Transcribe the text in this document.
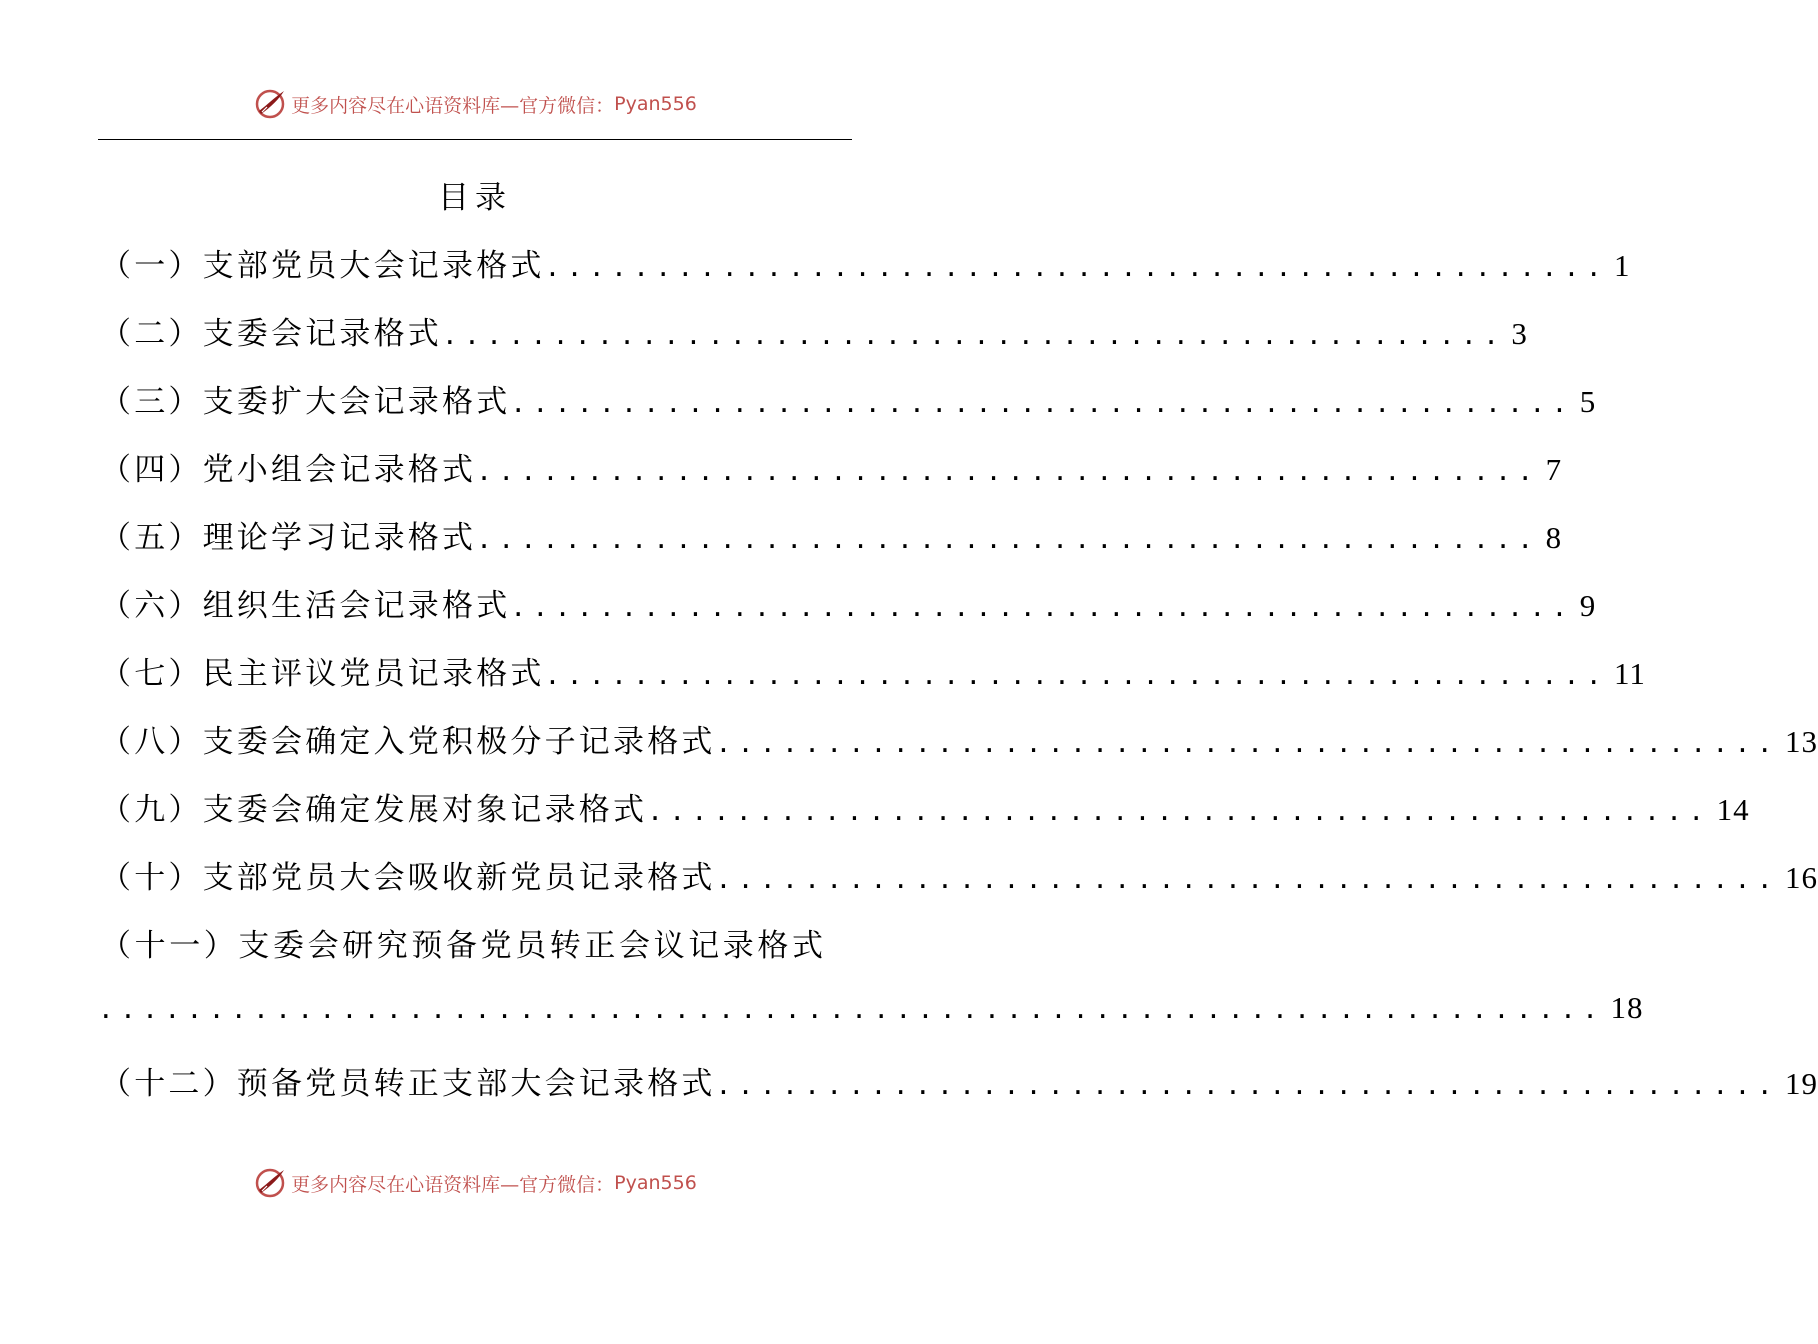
更多内容尽在心语资料库—官方微信： Pyan556
目录
（一）支部党员大会记录格式 ................................................ 1
（二）支委会记录格式 ................................................ 3
（三）支委扩大会记录格式 ................................................ 5
（四）党小组会记录格式 ................................................ 7
（五）理论学习记录格式 ................................................ 8
（六）组织生活会记录格式 ................................................ 9
（七）民主评议党员记录格式 ................................................ 11
（八）支委会确定入党积极分子记录格式 ................................................ 13
（九）支委会确定发展对象记录格式 ................................................ 14
（十）支部党员大会吸收新党员记录格式 ................................................ 16
（十一）支委会研究预备党员转正会议记录格式
.................................................................... 18
（十二）预备党员转正支部大会记录格式 ................................................ 19
更多内容尽在心语资料库—官方微信： Pyan556
